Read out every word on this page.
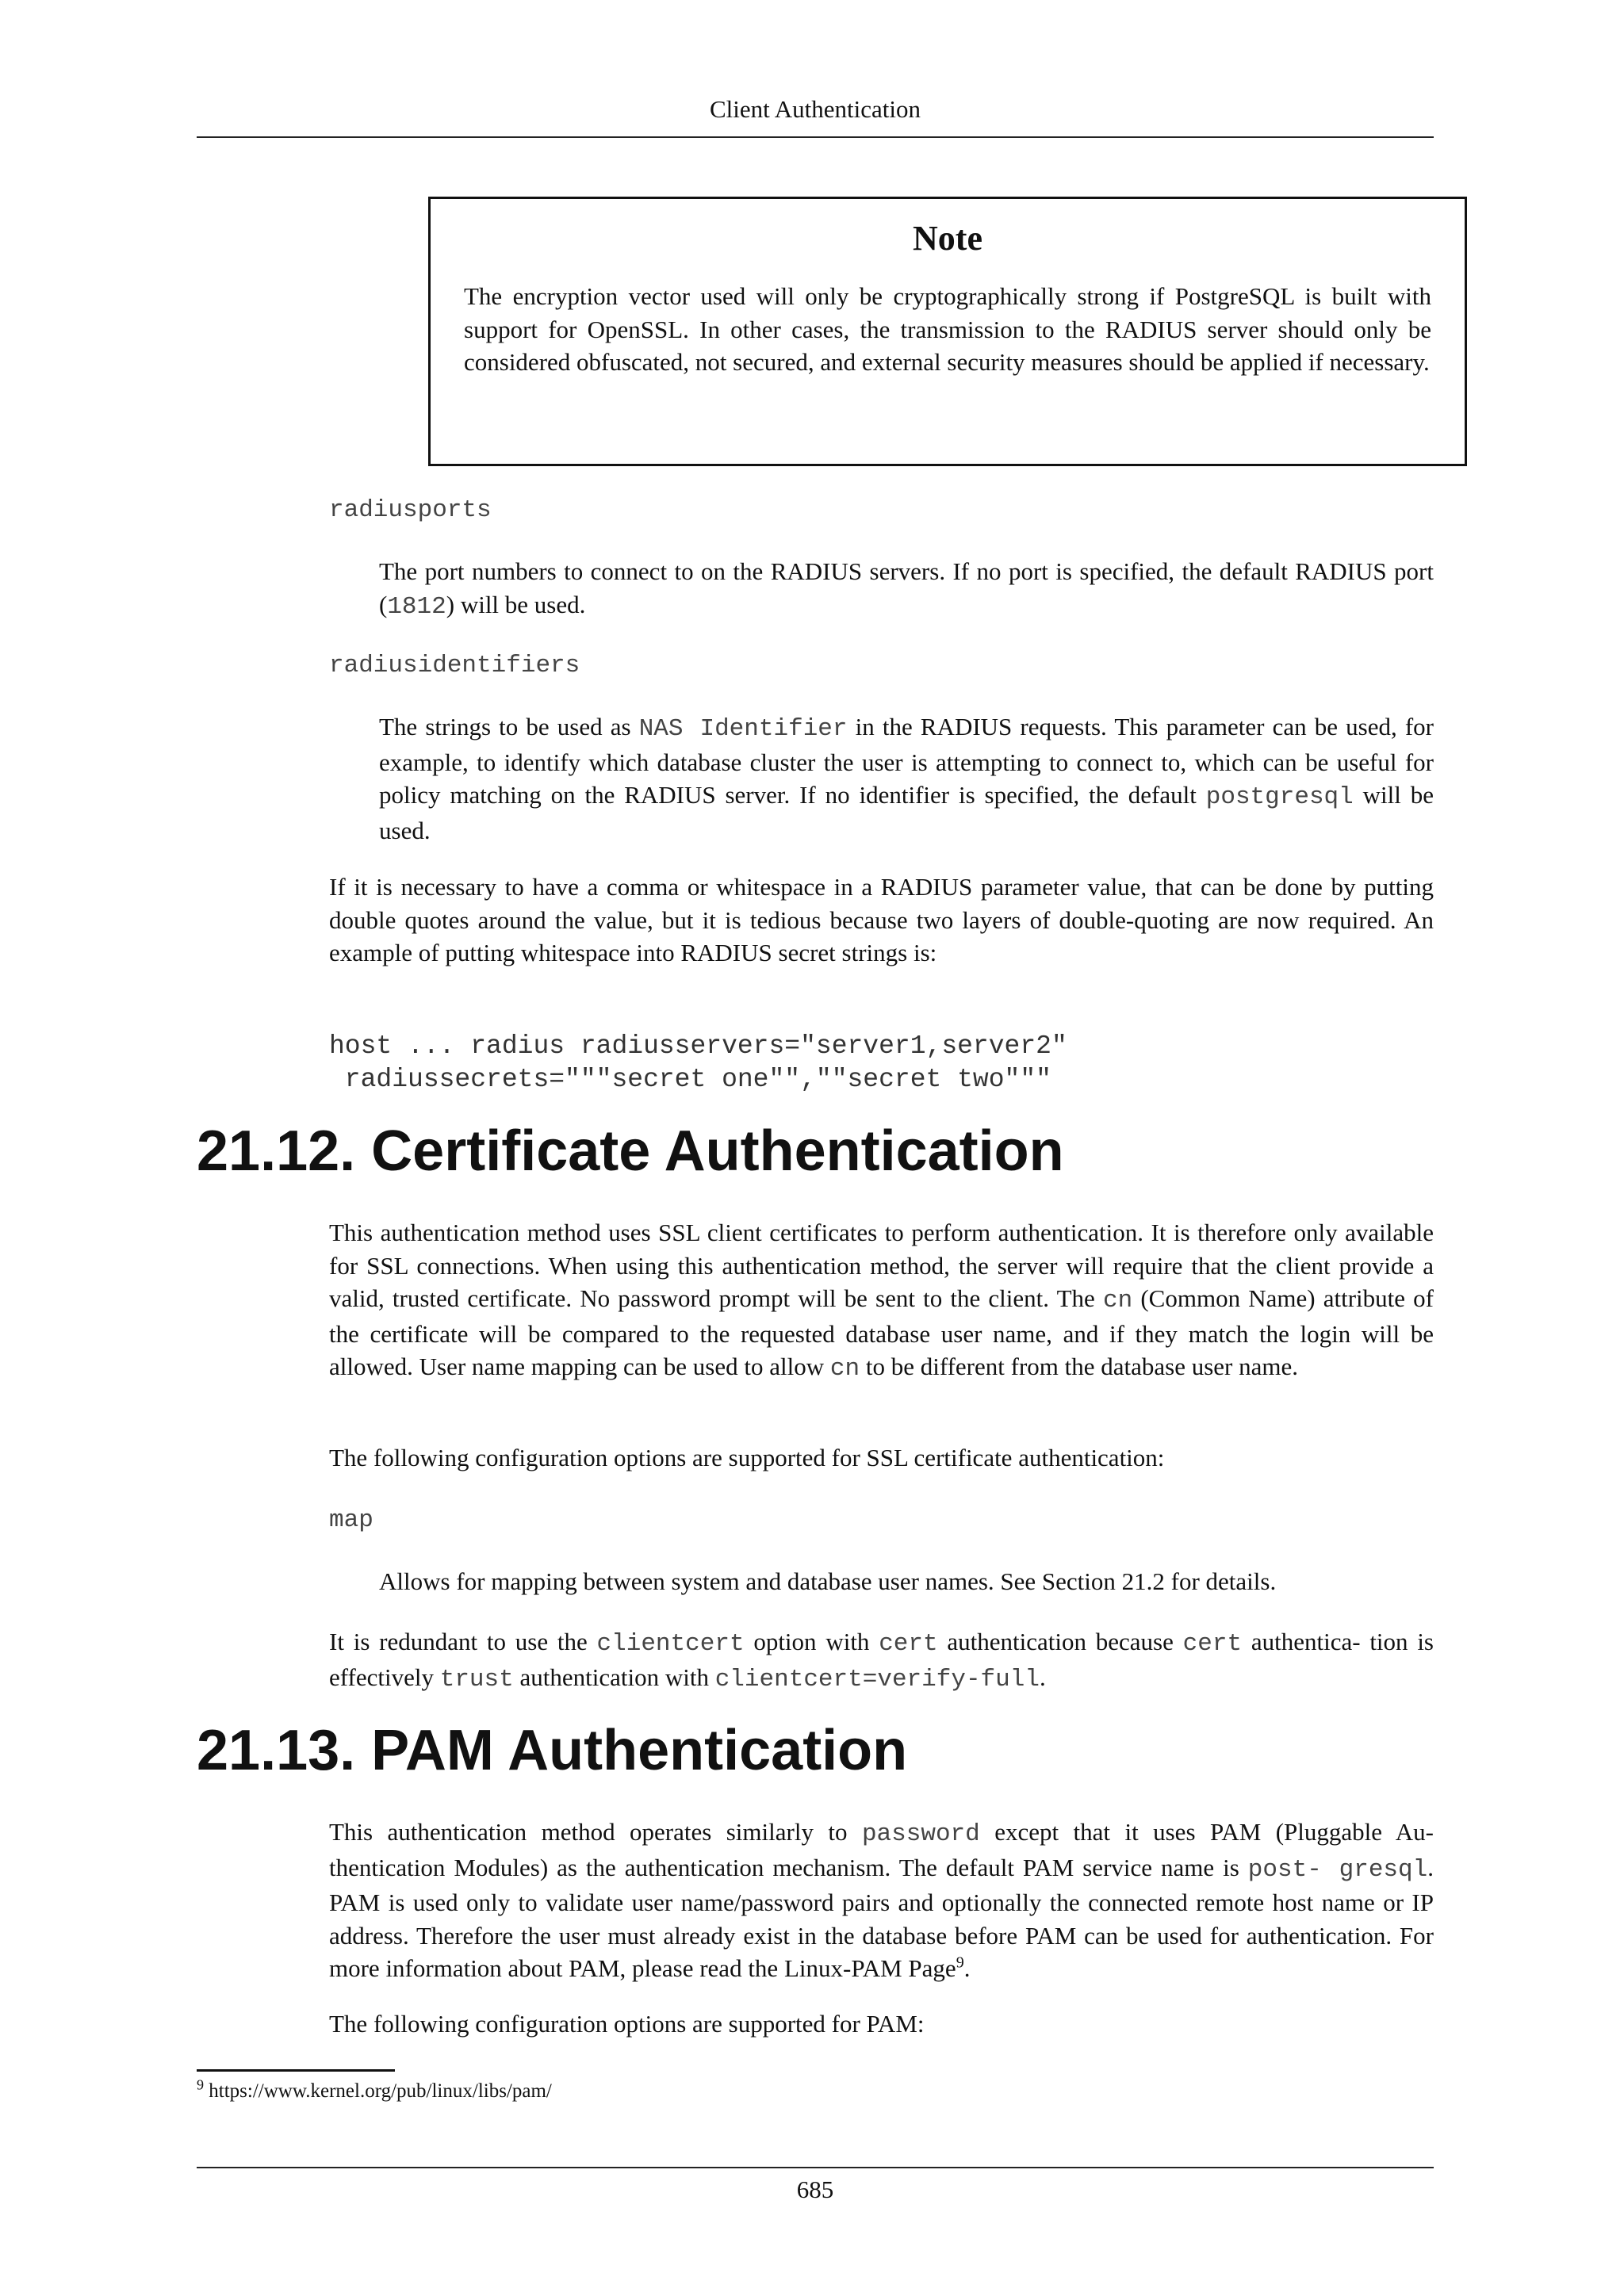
Client Authentication
Note
The encryption vector used will only be cryptographically strong if PostgreSQL is built with support for OpenSSL. In other cases, the transmission to the RADIUS server should only be considered obfuscated, not secured, and external security measures should be applied if necessary.
radiusports

The port numbers to connect to on the RADIUS servers. If no port is specified, the default RADIUS port (1812) will be used.

radiusidentifiers

The strings to be used as NAS Identifier in the RADIUS requests. This parameter can be used, for example, to identify which database cluster the user is attempting to connect to, which can be useful for policy matching on the RADIUS server. If no identifier is specified, the default postgresql will be used.

If it is necessary to have a comma or whitespace in a RADIUS parameter value, that can be done by putting double quotes around the value, but it is tedious because two layers of double-quoting are now required. An example of putting whitespace into RADIUS secret strings is:

host ... radius radiusservers="server1,server2"
radiussecrets="""secret one"",""secret two"""
21.12. Certificate Authentication

This authentication method uses SSL client certificates to perform authentication. It is therefore only available for SSL connections. When using this authentication method, the server will require that the client provide a valid, trusted certificate. No password prompt will be sent to the client. The cn (Common Name) attribute of the certificate will be compared to the requested database user name, and if they match the login will be allowed. User name mapping can be used to allow cn to be different from the database user name.

The following configuration options are supported for SSL certificate authentication:

map

Allows for mapping between system and database user names. See Section 21.2 for details.

It is redundant to use the clientcert option with cert authentication because cert authentica- tion is effectively trust authentication with clientcert=verify-full.

21.13. PAM Authentication

This authentication method operates similarly to password except that it uses PAM (Pluggable Au- thentication Modules) as the authentication mechanism. The default PAM service name is post- gresql. PAM is used only to validate user name/password pairs and optionally the connected remote host name or IP address. Therefore the user must already exist in the database before PAM can be used for authentication. For more information about PAM, please read the Linux-PAM Page$^9$.

The following configuration options are supported for PAM:

$^9$ https://www.kernel.org/pub/linux/libs/pam/
685
